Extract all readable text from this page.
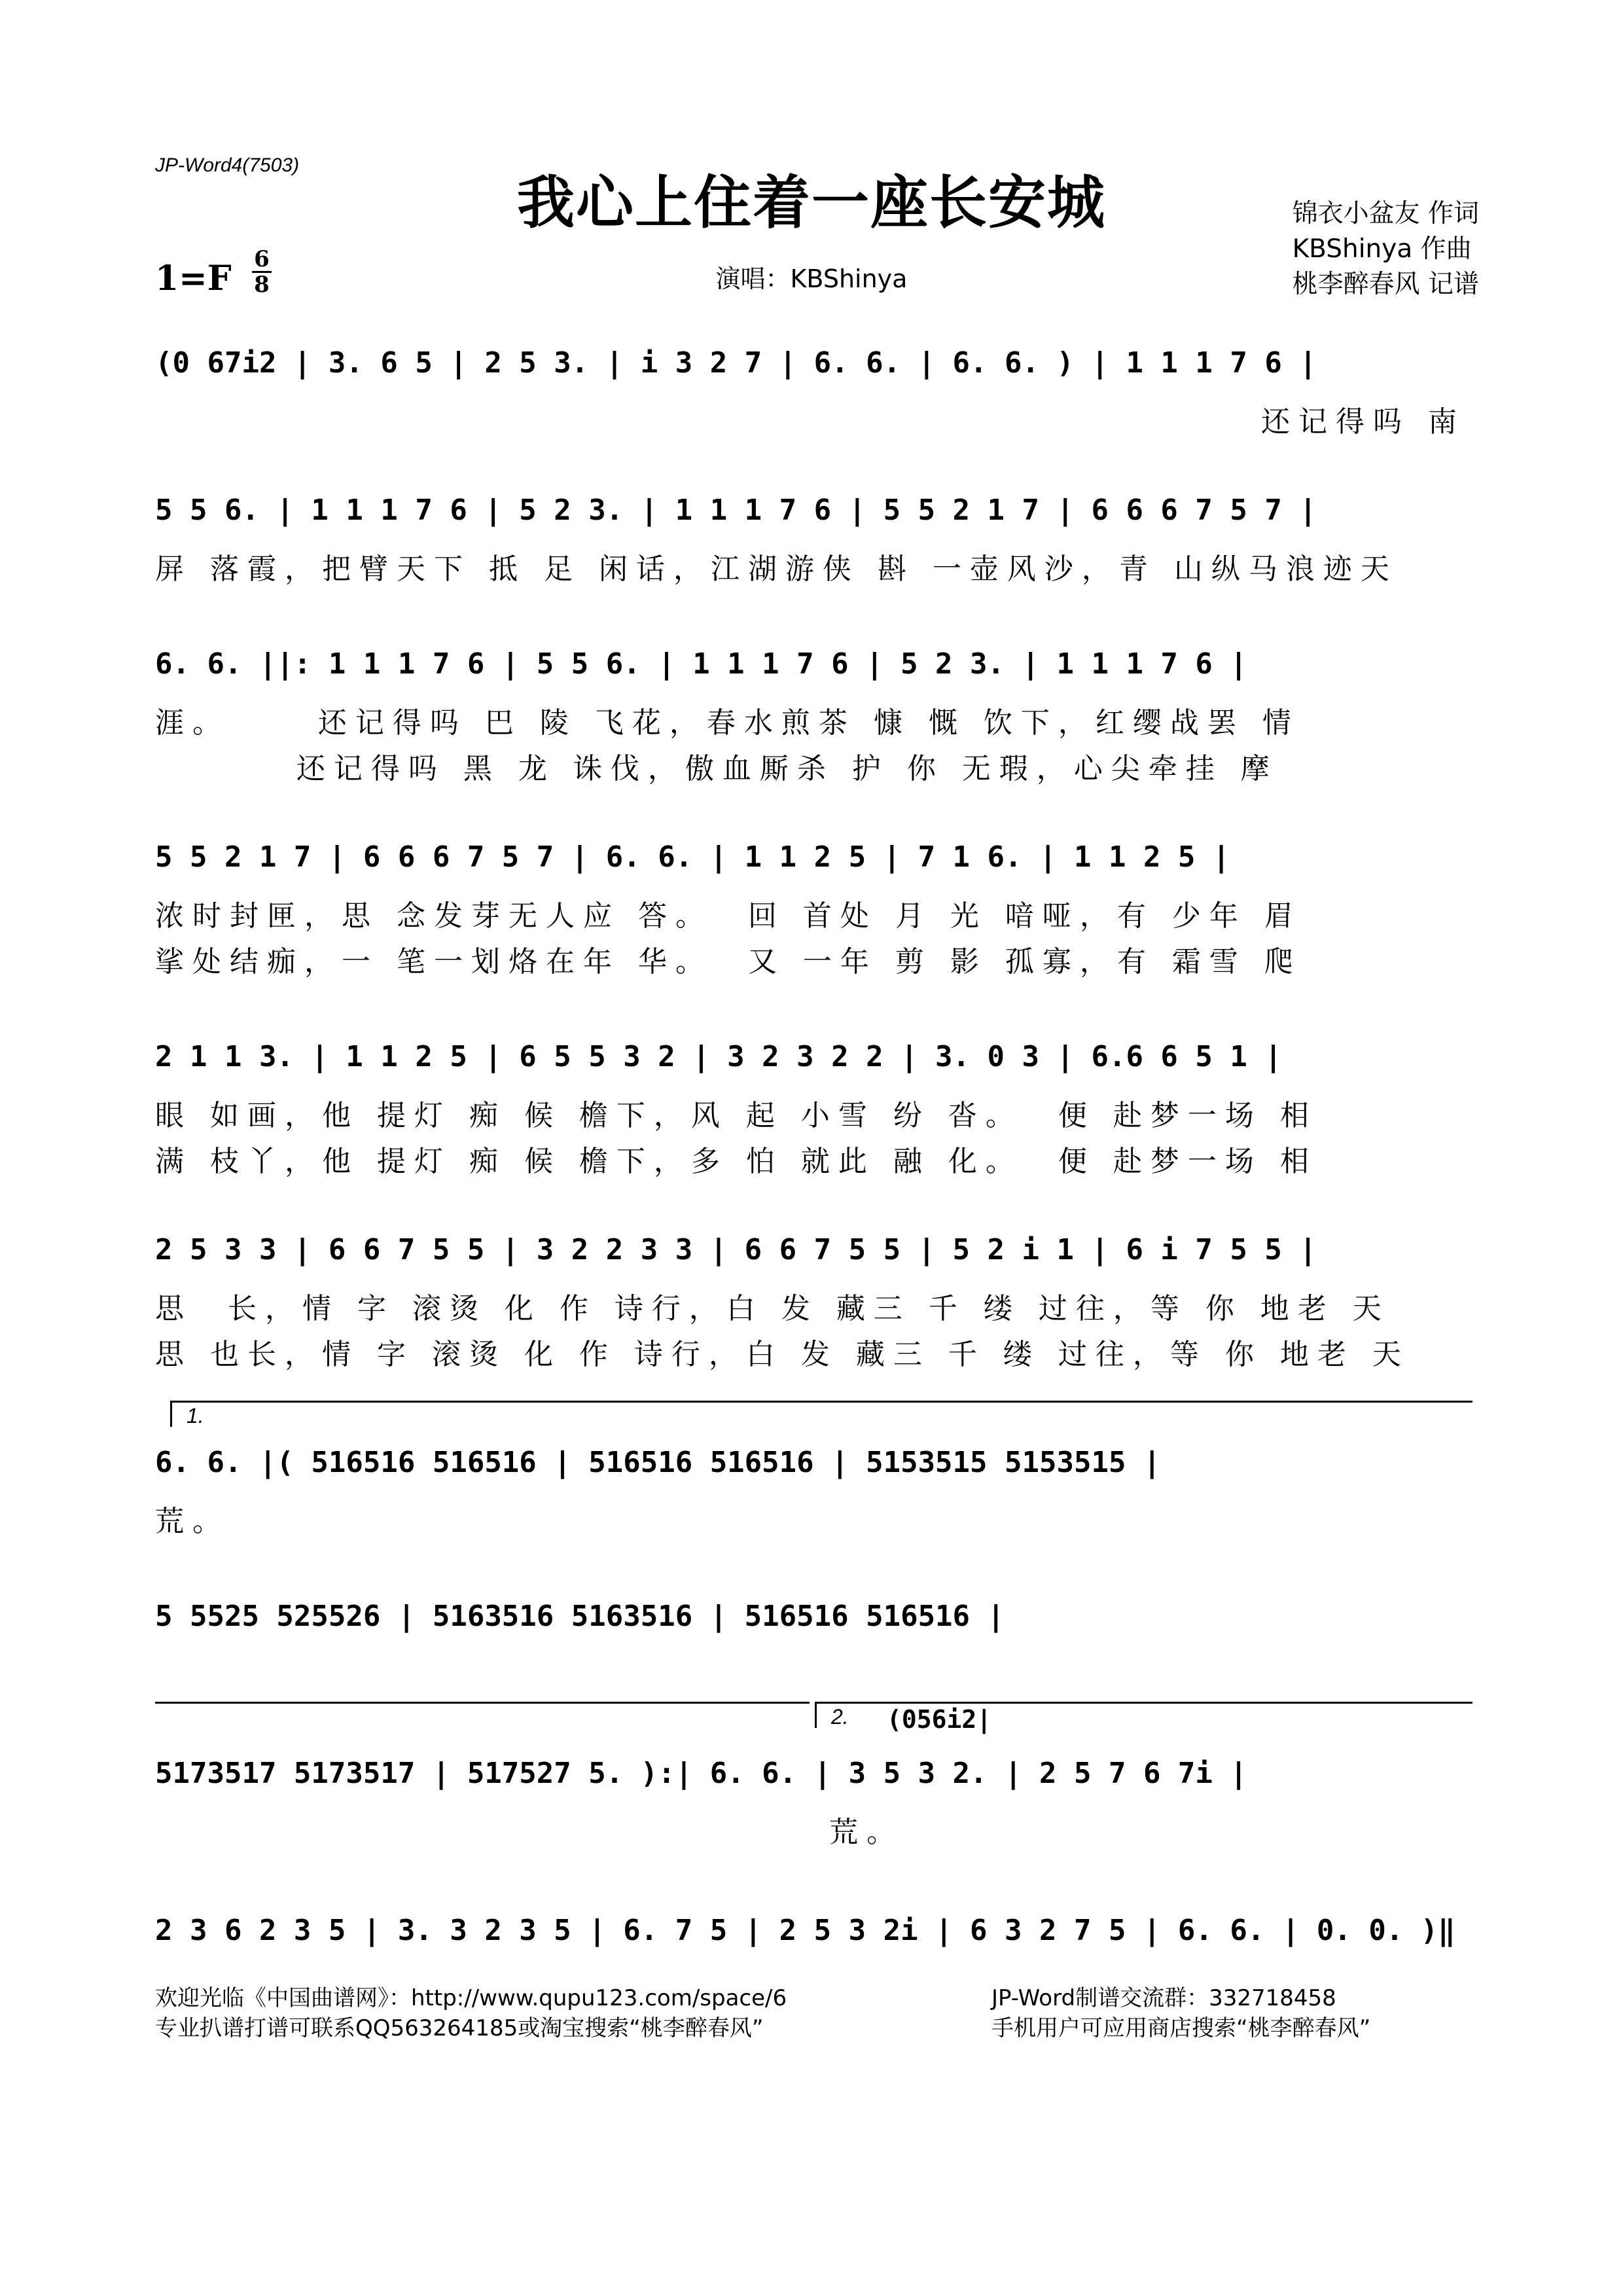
JP-Word4(7503)
我心上住着一座长安城	锦衣小盆友 作词
KBShinya 作曲
桃李醉春风 记谱
1=F 6
8	演唱：KBShinya
(0 67i2 | 3. 6 5 | 2 5 3. | i 3 2 7 | 6. 6. | 6. 6. ) | 1 1 1 7 6 |
还记得吗 南
5 5 6. | 1 1 1 7 6 | 5 2 3. | 1 1 1 7 6 | 5 5 2 1 7 | 6 6 6 7 5 7 |
屏 落霞，把臂天下 抵 足 闲话，江湖游侠 斟 一壶风沙，青 山纵马浪迹天
6. 6. ||: 1 1 1 7 6 | 5 5 6. | 1 1 1 7 6 | 5 2 3. | 1 1 1 7 6 |
涯。     还记得吗 巴 陵 飞花，春水煎茶 慷 慨 饮下，红缨战罢 情
还记得吗 黑 龙 诛伐，傲血厮杀 护 你 无瑕，心尖牵挂 摩
5 5 2 1 7 | 6 6 6 7 5 7 | 6. 6. | 1 1 2 5 | 7 1 6. | 1 1 2 5 |
浓时封匣，思 念发芽无人应 答。  回 首处 月 光 喑哑，有 少年 眉
挲处结痂，一 笔一划烙在年 华。  又 一年 剪 影 孤寡，有 霜雪 爬
2 1 1 3. | 1 1 2 5 | 6 5 5 3 2 | 3 2 3 2 2 | 3. 0 3 | 6.6 6 5 1 |
眼 如画，他 提灯 痴 候 檐下，风 起 小雪 纷 沓。  便 赴梦一场 相
满 枝丫，他 提灯 痴 候 檐下，多 怕 就此 融 化。  便 赴梦一场 相
2 5 3 3 | 6 6 7 5 5 | 3 2 2 3 3 | 6 6 7 5 5 | 5 2 i 1 | 6 i 7 5 5 |
思  长，情 字 滚烫 化 作 诗行，白 发 藏三 千 缕 过往，等 你 地老 天
思 也长，情 字 滚烫 化 作 诗行，白 发 藏三 千 缕 过往，等 你 地老 天
1.
6. 6. |( 516516 516516 | 516516 516516 | 5153515 5153515 |
荒。
5 5525 525526 | 5163516 5163516 | 516516 516516 |
2. (056i2|
5173517 5173517 | 517527 5. ):| 6. 6. | 3 5 3 2. | 2 5 7 6 7i |
荒。
2 3 6 2 3 5 | 3. 3 2 3 5 | 6. 7 5 | 2 5 3 2i | 6 3 2 7 5 | 6. 6. | 0. 0. )‖
欢迎光临《中国曲谱网》：http://www.qupu123.com/space/6
专业扒谱打谱可联系QQ563264185或淘宝搜索“桃李醉春风”
JP-Word制谱交流群：332718458
手机用户可应用商店搜索“桃李醉春风”
